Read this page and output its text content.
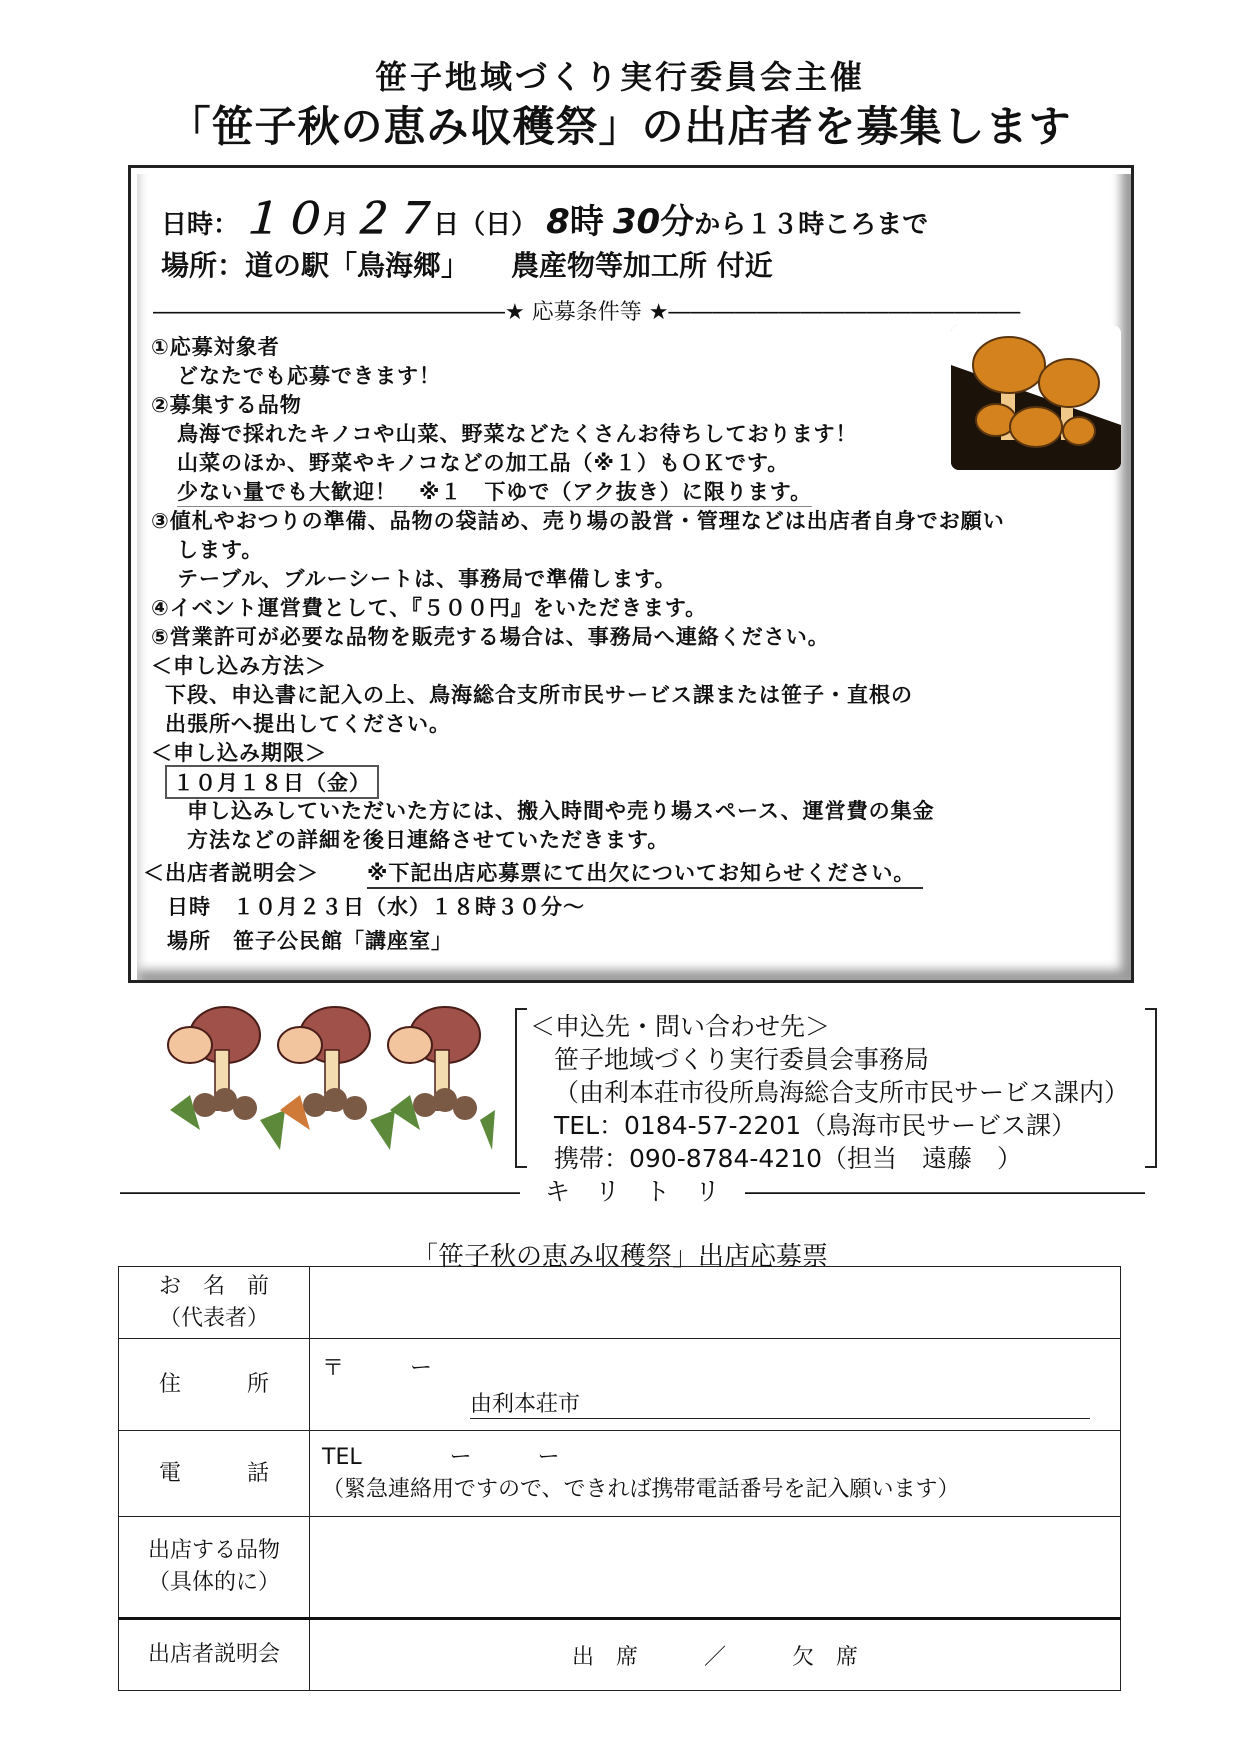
笹子地域づくり実行委員会主催
「笹子秋の恵み収穫祭」の出店者を募集します
日時：１０月２７日（日） 8時 30分から１３時ころまで
場所：道の駅「鳥海郷」　　農産物等加工所 付近
――――――――――――――――★ 応募条件等 ★――――――――――――――――
①応募対象者
どなたでも応募できます！
②募集する品物
鳥海で採れたキノコや山菜、野菜などたくさんお待ちしております！
山菜のほか、野菜やキノコなどの加工品（※１）もＯＫです。
少ない量でも大歓迎！　※１　下ゆで（アク抜き）に限ります。
③値札やおつりの準備、品物の袋詰め、売り場の設営・管理などは出店者自身でお願い
します。
テーブル、ブルーシートは、事務局で準備します。
④イベント運営費として、『５００円』をいただきます。
⑤営業許可が必要な品物を販売する場合は、事務局へ連絡ください。
＜申し込み方法＞
下段、申込書に記入の上、鳥海総合支所市民サービス課または笹子・直根の
出張所へ提出してください。
＜申し込み期限＞
１０月１８日（金）
申し込みしていただいた方には、搬入時間や売り場スペース、運営費の集金
方法などの詳細を後日連絡させていただきます。
＜出店者説明会＞ ※下記出店応募票にて出欠についてお知らせください。
日時　１０月２３日（水）１８時３０分～
場所　笹子公民館「講座室」
＜申込先・問い合わせ先＞
笹子地域づくり実行委員会事務局
（由利本荘市役所鳥海総合支所市民サービス課内）
TEL：0184-57-2201（鳥海市民サービス課）
携帯：090-8784-4210（担当　遠藤　）
――――――――――――――――　キ　リ　ト　リ　――――――――――――――――
「笹子秋の恵み収穫祭」出店応募票
お　名　前
（代表者）	

住　　　所	〒　　　ー
由利本荘市

電　　　話	TEL　　　　ー　　　ー
（緊急連絡用ですので、できれば携帯電話番号を記入願います）

出店する品物
（具体的に）	

出店者説明会	出　席　　　／　　　欠　席
